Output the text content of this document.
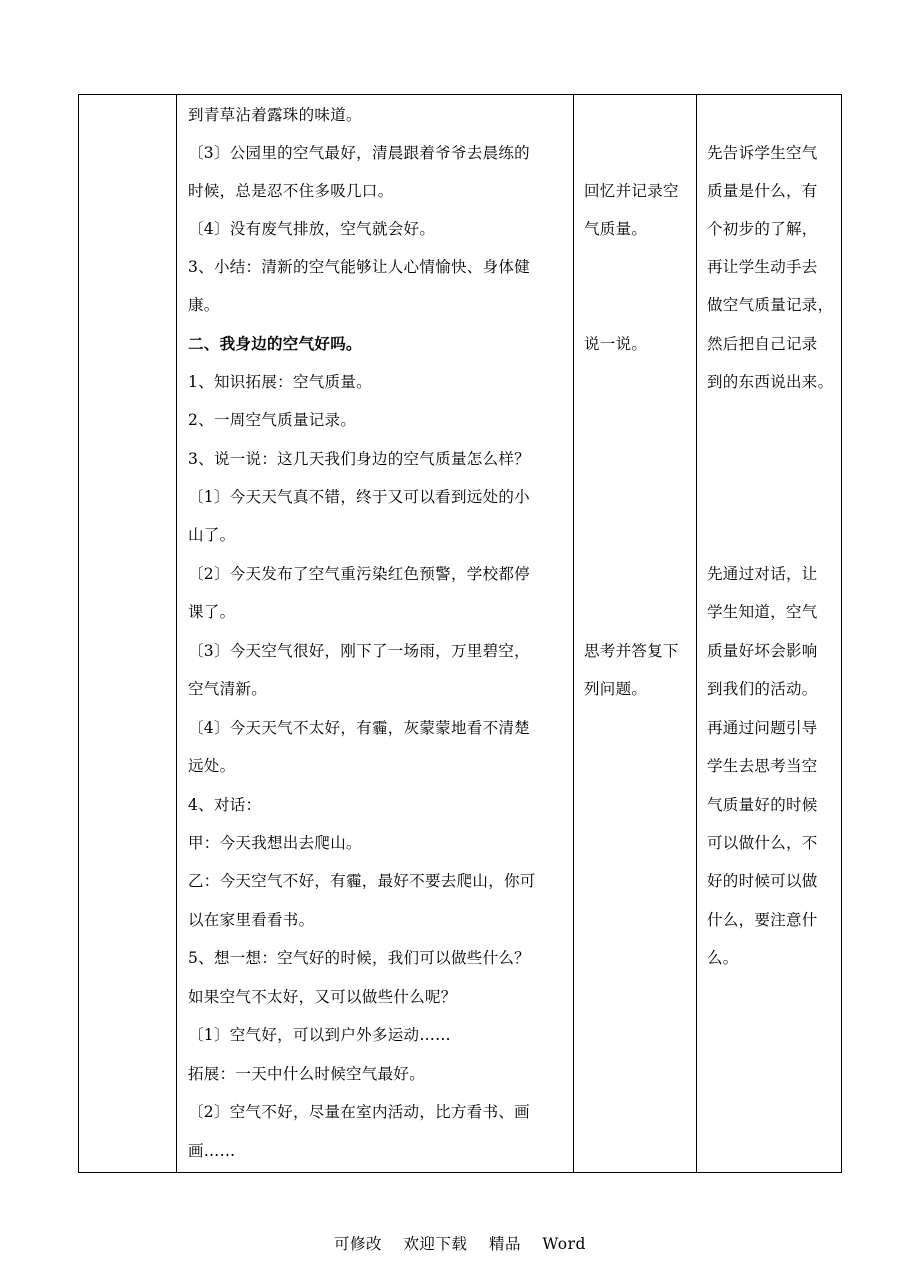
到青草沾着露珠的味道。
〔3〕公园里的空气最好，清晨跟着爷爷去晨练的
时候，总是忍不住多吸几口。
〔4〕没有废气排放，空气就会好。
3、小结：清新的空气能够让人心情愉快、身体健
康。
二、我身边的空气好吗。
1、知识拓展：空气质量。
2、一周空气质量记录。
3、说一说：这几天我们身边的空气质量怎么样？
〔1〕今天天气真不错，终于又可以看到远处的小
山了。
〔2〕今天发布了空气重污染红色预警，学校都停
课了。
〔3〕今天空气很好，刚下了一场雨，万里碧空，
空气清新。
〔4〕今天天气不太好，有霾，灰蒙蒙地看不清楚
远处。
4、对话：
甲：今天我想出去爬山。
乙：今天空气不好，有霾，最好不要去爬山，你可
以在家里看看书。
5、想一想：空气好的时候，我们可以做些什么？
如果空气不太好，又可以做些什么呢？
〔1〕空气好，可以到户外多运动……
拓展：一天中什么时候空气最好。
〔2〕空气不好，尽量在室内活动，比方看书、画
画……
回忆并记录空
气质量。
说一说。
思考并答复下
列问题。
先告诉学生空气
质量是什么，有
个初步的了解，
再让学生动手去
做空气质量记录，
然后把自己记录
到的东西说出来。
先通过对话，让
学生知道，空气
质量好坏会影响
到我们的活动。
再通过问题引导
学生去思考当空
气质量好的时候
可以做什么，不
好的时候可以做
什么，要注意什
么。
可修改 欢迎下载 精品 Word
